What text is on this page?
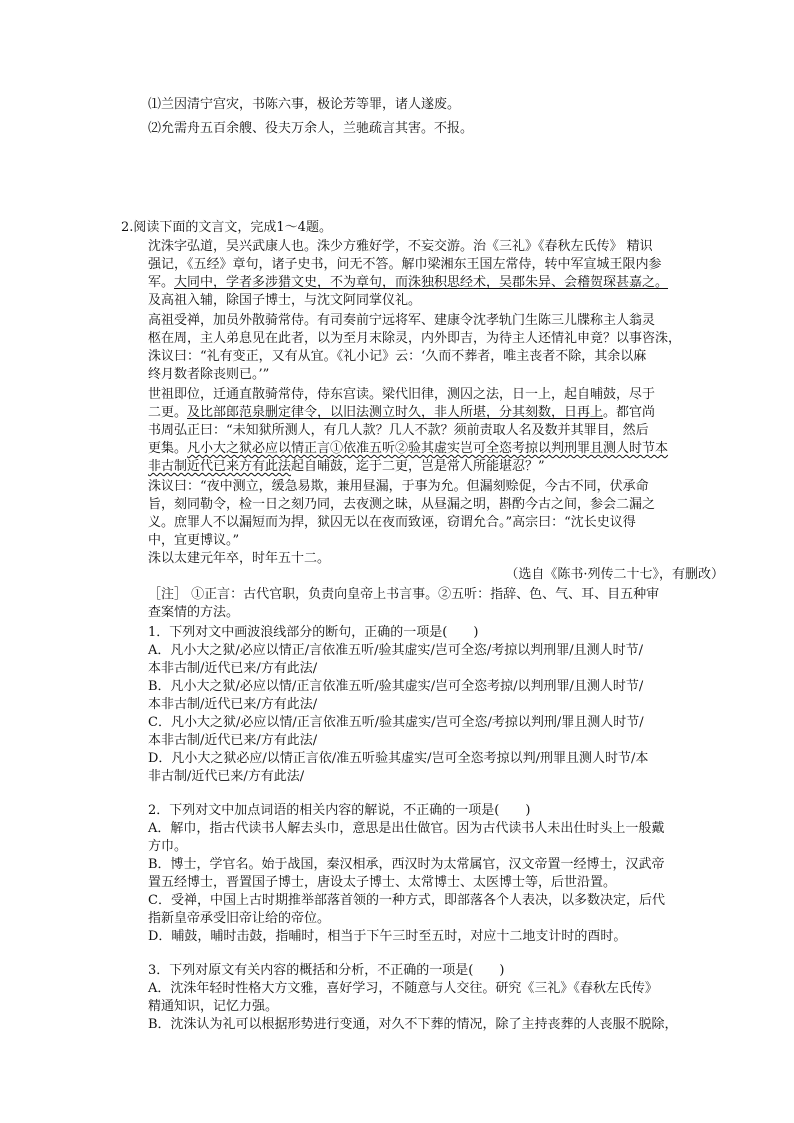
⑴兰因清宁宫灾，书陈六事，极论芳等罪，诸人遂废。
⑵允需舟五百余艘、役夫万余人，兰驰疏言其害。不报。
2.阅读下面的文言文，完成1～4题。
沈洙字弘道，吴兴武康人也。洙少方雅好学，不妄交游。治《三礼》《春秋左氏传》 精识
强记，《五经》章句，诸子史书，问无不答。解巾梁湘东王国左常侍，转中军宣城王限内参
军。大同中，学者多涉猎文史，不为章句，而洙独积思经术，吴郡朱异、会稽贺琛甚嘉之。
及高祖入辅，除国子博士，与沈文阿同掌仪礼。
高祖受禅，加员外散骑常侍。有司奏前宁远将军、建康令沈孝轨门生陈三儿牒称主人翁灵
柩在周，主人弟息见在此者，以为至月末除灵，内外即吉，为待主人还情礼申竟？以事咨洙，
洙议曰：“礼有变正，又有从宜。《礼小记》云：‘久而不葬者，唯主丧者不除，其余以麻
终月数者除丧则已。’”
世祖即位，迁通直散骑常侍，侍东宫读。梁代旧律，测囚之法，日一上，起自晡鼓，尽于
二更。及比部郎范泉删定律令，以旧法测立时久，非人所堪，分其刻数，日再上。都官尚
书周弘正曰：“未知狱所测人，有几人款？几人不款？须前责取人名及数并其罪目，然后
更集。凡小大之狱必应以情正言①依准五听②验其虚实岂可全恣考掠以判刑罪且测人时节本
非古制近代已来方有此法起自晡鼓，迄于二更，岂是常人所能堪忍？”
洙议曰：“夜中测立，缓急易欺，兼用昼漏，于事为允。但漏刻赊促，今古不同，伏承命
旨，刻同勒令，检一日之刻乃同，去夜测之昧，从昼漏之明，斟酌今古之间，参会二漏之
义。庶罪人不以漏短而为捍，狱囚无以在夜而致诬，窃谓允合。”高宗曰：“沈长史议得
中，宜更博议。”
洙以太建元年卒，时年五十二。
（选自《陈书·列传二十七》，有删改）
［注］ ①正言：古代官职，负责向皇帝上书言事。②五听：指辞、色、气、耳、目五种审
查案情的方法。
1．下列对文中画波浪线部分的断句，正确的一项是(　　)
A．凡小大之狱/必应以情正/言依准五听/验其虚实/岂可全恣/考掠以判刑罪/且测人时节/
本非古制/近代已来/方有此法/
B．凡小大之狱/必应以情/正言依准五听/验其虚实/岂可全恣考掠/以判刑罪/且测人时节/
本非古制/近代已来/方有此法/
C．凡小大之狱/必应以情/正言依准五听/验其虚实/岂可全恣/考掠以判刑/罪且测人时节/
本非古制/近代已来/方有此法/
D．凡小大之狱必应/以情正言依/准五听验其虚实/岂可全恣考掠以判/刑罪且测人时节/本
非古制/近代已来/方有此法/
2．下列对文中加点词语的相关内容的解说，不正确的一项是(　　)
A．解巾，指古代读书人解去头巾，意思是出仕做官。因为古代读书人未出仕时头上一般戴
方巾。
B．博士，学官名。始于战国，秦汉相承，西汉时为太常属官，汉文帝置一经博士，汉武帝
置五经博士，晋置国子博士，唐设太子博士、太常博士、太医博士等，后世沿置。
C．受禅，中国上古时期推举部落首领的一种方式，即部落各个人表决，以多数决定，后代
指新皇帝承受旧帝让给的帝位。
D．晡鼓，晡时击鼓，指晡时，相当于下午三时至五时，对应十二地支计时的酉时。
3．下列对原文有关内容的概括和分析，不正确的一项是(　　)
A．沈洙年轻时性格大方文雅，喜好学习，不随意与人交往。研究《三礼》《春秋左氏传》
精通知识，记忆力强。
B．沈洙认为礼可以根据形势进行变通，对久不下葬的情况，除了主持丧葬的人丧服不脱除，
